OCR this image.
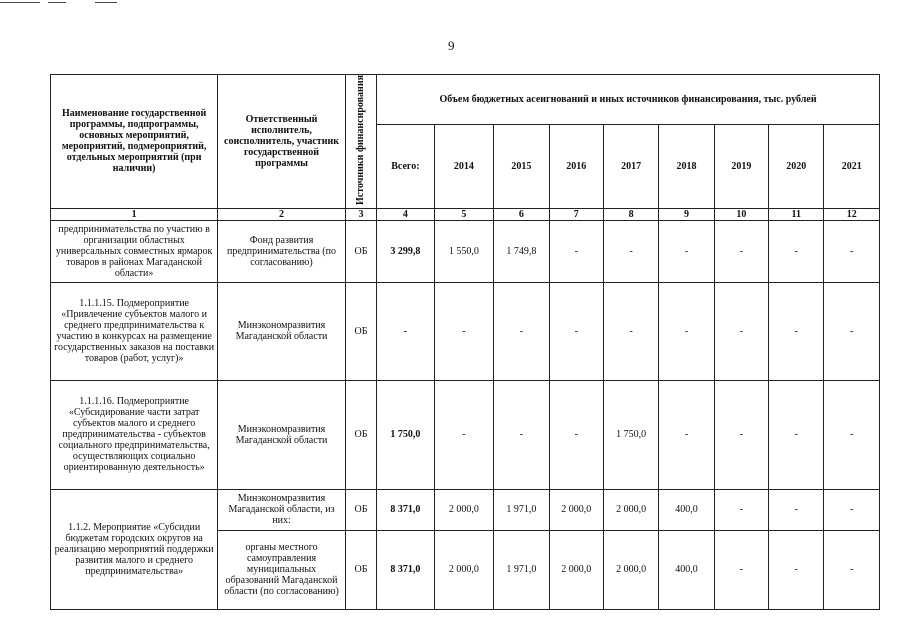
9
Наименование государственной программы, подпрограммы, основных мероприятий, мероприятий, подмероприятий, отдельных мероприятий (при наличии)	Ответственный исполнитель, соисполнитель, участник государственной программы	Источники финансирования	Объем бюджетных асеигнований и иных источников финансирования, тыс. рублей								
			Всего:	2014	2015	2016	2017	2018	2019	2020	2021
1	2	3	4	5	6	7	8	9	10	11	12
предпринимательства по участию в организации областных универсальных совместных ярмарок товаров в районах Магаданской области»	Фонд развития предпринимательства (по согласованию)	ОБ	3 299,8	1 550,0	1 749,8	-	-	-	-	-	-
1.1.1.15. Подмероприятие «Привлечение субъектов малого и среднего предпринимательства к участию в конкурсах на размещение государственных заказов на поставки товаров (работ, услуг)»	Минэкономразвития Магаданской области	ОБ	-	-	-	-	-	-	-	-	-
1.1.1.16. Подмероприятие «Субсидирование части затрат субъектов малого и среднего предпринимательства - субъектов социального предпринимательства, осуществляющих социально ориентированную деятельность»	Минэкономразвития Магаданской области	ОБ	1 750,0	-	-	-	1 750,0	-	-	-	-
1.1.2. Мероприятие «Субсидии бюджетам городских округов на реализацию мероприятий поддержки развития малого и среднего предпринимательства»	Минэкономразвития Магаданской области, из них:	ОБ	8 371,0	2 000,0	1 971,0	2 000,0	2 000,0	400,0	-	-	-
	органы местного самоуправления муниципальных образований Магаданской области (по согласованию)	ОБ	8 371,0	2 000,0	1 971,0	2 000,0	2 000,0	400,0	-	-	-
